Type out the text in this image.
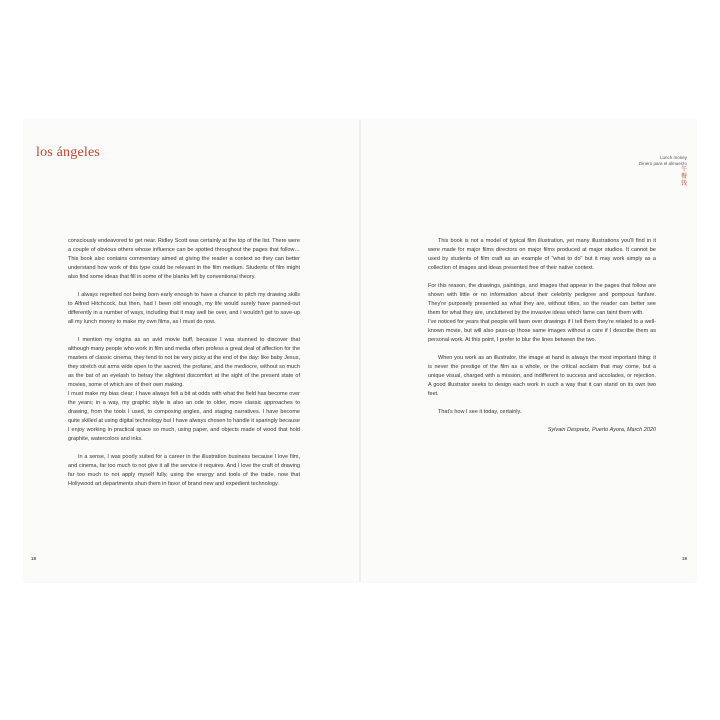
los ángeles	Lunch money
Dinero para el almuerzo
午
餐
钱

consciously endeavored to get near. Ridley Scott was certainly at the top of the list. There were a couple of obvious others whose influence can be spotted throughout the pages that follow… This book also contains commentary aimed at giving the reader a context so they can better understand how work of this type could be relevant in the film medium. Students of film might also find some ideas that fill in some of the blanks left by conventional theory.

I always regretted not being born early enough to have a chance to pitch my drawing skills to Alfred Hitchcock, but then, had I been old enough, my life would surely have panned-out differently in a number of ways, including that it may well be over, and I wouldn't get to save-up all my lunch money to make my own films, as I must do now.

I mention my origins as an avid movie buff, because I was stunned to discover that although many people who work in film and media often profess a great deal of affection for the masters of classic cinema, they tend to not be very picky at the end of the day: like baby Jesus, they stretch out arms wide open to the sacred, the profane, and the mediocre, without so much as the bat of an eyelash to betray the slightest discomfort at the sight of the present state of movies, some of which are of their own making.

I must make my bias clear: I have always felt a bit at odds with what the field has become over the years; in a way, my graphic style is also an ode to older, more classic approaches to drawing, from the tools I used, to composing angles, and staging narratives. I have become quite skilled at using digital technology but I have always chosen to handle it sparingly because I enjoy working in practical space so much, using paper, and objects made of wood that hold graphite, watercolors and inks.

In a sense, I was poorly suited for a career in the illustration business because I love film, and cinema, far too much to not give it all the service it requires. And I love the craft of drawing far too much to not apply myself fully, using the energy and tools of the trade, now that Hollywood art departments shun them in favor of brand new and expedient technology.

This book is not a model of typical film illustration, yet many illustrations you'll find in it were made for major films directors on major films produced at major studios. It cannot be used by students of film craft as an example of "what to do" but it may work simply as a collection of images and ideas presented free of their native context.

For this reason, the drawings, paintings, and images that appear in the pages that follow are shown with little or no information about their celebrity pedigree and pompous fanfare. They're purposely presented as what they are, without titles, so the reader can better see them for what they are, uncluttered by the invasive ideas which fame can taint them with.

I've noticed for years that people will fawn over drawings if I tell them they're related to a well-known movie, but will also pass-up those same images without a care if I describe them as personal work. At this point, I prefer to blur the lines between the two.

When you work as an illustrator, the image at hand is always the most important thing: it is never the prestige of the film as a whole, or the critical acclaim that may come, but a unique visual, charged with a mission, and indifferent to success and accolades, or rejection. A good illustrator seeks to design each work in such a way that it can stand on its own two feet.

That's how I see it today, certainly.

Sylvain Despretz, Puerto Ayora, March 2020

18	19
